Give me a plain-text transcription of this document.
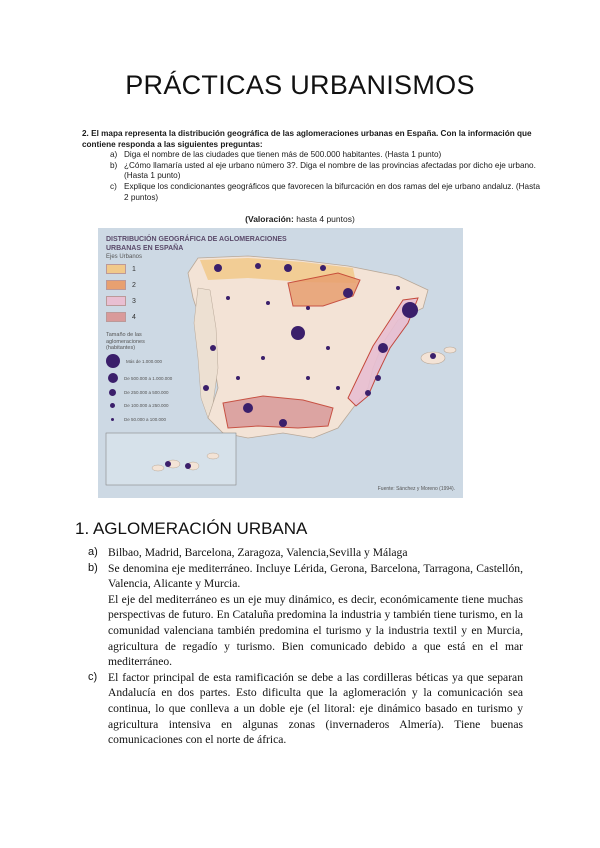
PRÁCTICAS URBANISMOS
2. El mapa representa la distribución geográfica de las aglomeraciones urbanas en España. Con la información que contiene responda a las siguientes preguntas:
a) Diga el nombre de las ciudades que tienen más de 500.000 habitantes. (Hasta 1 punto)
b) ¿Cómo llamaría usted al eje urbano número 3?. Diga el nombre de las provincias afectadas por dicho eje urbano. (Hasta 1 punto)
c) Explique los condicionantes geográficos que favorecen la bifurcación en dos ramas del eje urbano andaluz. (Hasta 2 puntos)
(Valoración: hasta 4 puntos)
DISTRIBUCIÓN GEOGRÁFICA DE AGLOMERACIONES
URBANAS EN ESPAÑA
Ejes Urbanos
1
2
3
4
Tamaño de las aglomeraciones (habitantes)
Más de 1.000.000
De 500.000 a 1.000.000
De 250.000 a 500.000
De 100.000 a 250.000
De 50.000 a 100.000
Fuente: Sánchez y Moreno (1994).
1. AGLOMERACIÓN URBANA
a) Bilbao, Madrid, Barcelona, Zaragoza, Valencia,Sevilla y Málaga

b) Se denomina eje mediterráneo. Incluye Lérida, Gerona, Barcelona, Tarragona, Castellón, Valencia, Alicante y Murcia.

El eje del mediterráneo es un eje muy dinámico, es decir, económicamente tiene muchas perspectivas de futuro. En Cataluña predomina la industria y también tiene turismo, en la comunidad valenciana también predomina el turismo y la industria textil y en Murcia, agricultura de regadío y turismo. Bien comunicado debido a que está en el mar mediterráneo.

c) El factor principal de esta ramificación se debe a las cordilleras béticas ya que separan Andalucía en dos partes. Esto dificulta que la aglomeración y la comunicación sea continua, lo que conlleva a un doble eje (el litoral: eje dinámico basado en turismo y agricultura intensiva en algunas zonas (invernaderos Almería). Tiene buenas comunicaciones con el norte de áfrica.
